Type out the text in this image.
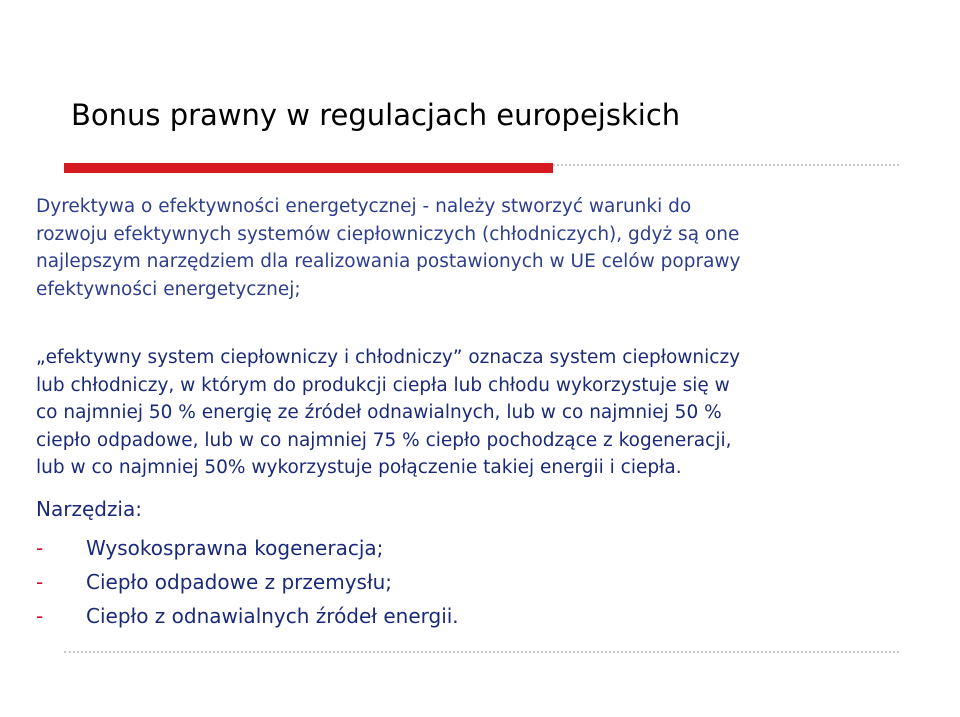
Bonus prawny w regulacjach europejskich
Dyrektywa o efektywności energetycznej - należy stworzyć warunki do
rozwoju efektywnych systemów ciepłowniczych (chłodniczych), gdyż są one
najlepszym narzędziem dla realizowania postawionych w UE celów poprawy
efektywności energetycznej;
„efektywny system ciepłowniczy i chłodniczy” oznacza system ciepłowniczy
lub chłodniczy, w którym do produkcji ciepła lub chłodu wykorzystuje się w
co najmniej 50 % energię ze źródeł odnawialnych, lub w co najmniej 50 %
ciepło odpadowe, lub w co najmniej 75 % ciepło pochodzące z kogeneracji,
lub w co najmniej 50% wykorzystuje połączenie takiej energii i ciepła.
Narzędzia:
- Wysokosprawna kogeneracja;
- Ciepło odpadowe z przemysłu;
- Ciepło z odnawialnych źródeł energii.
